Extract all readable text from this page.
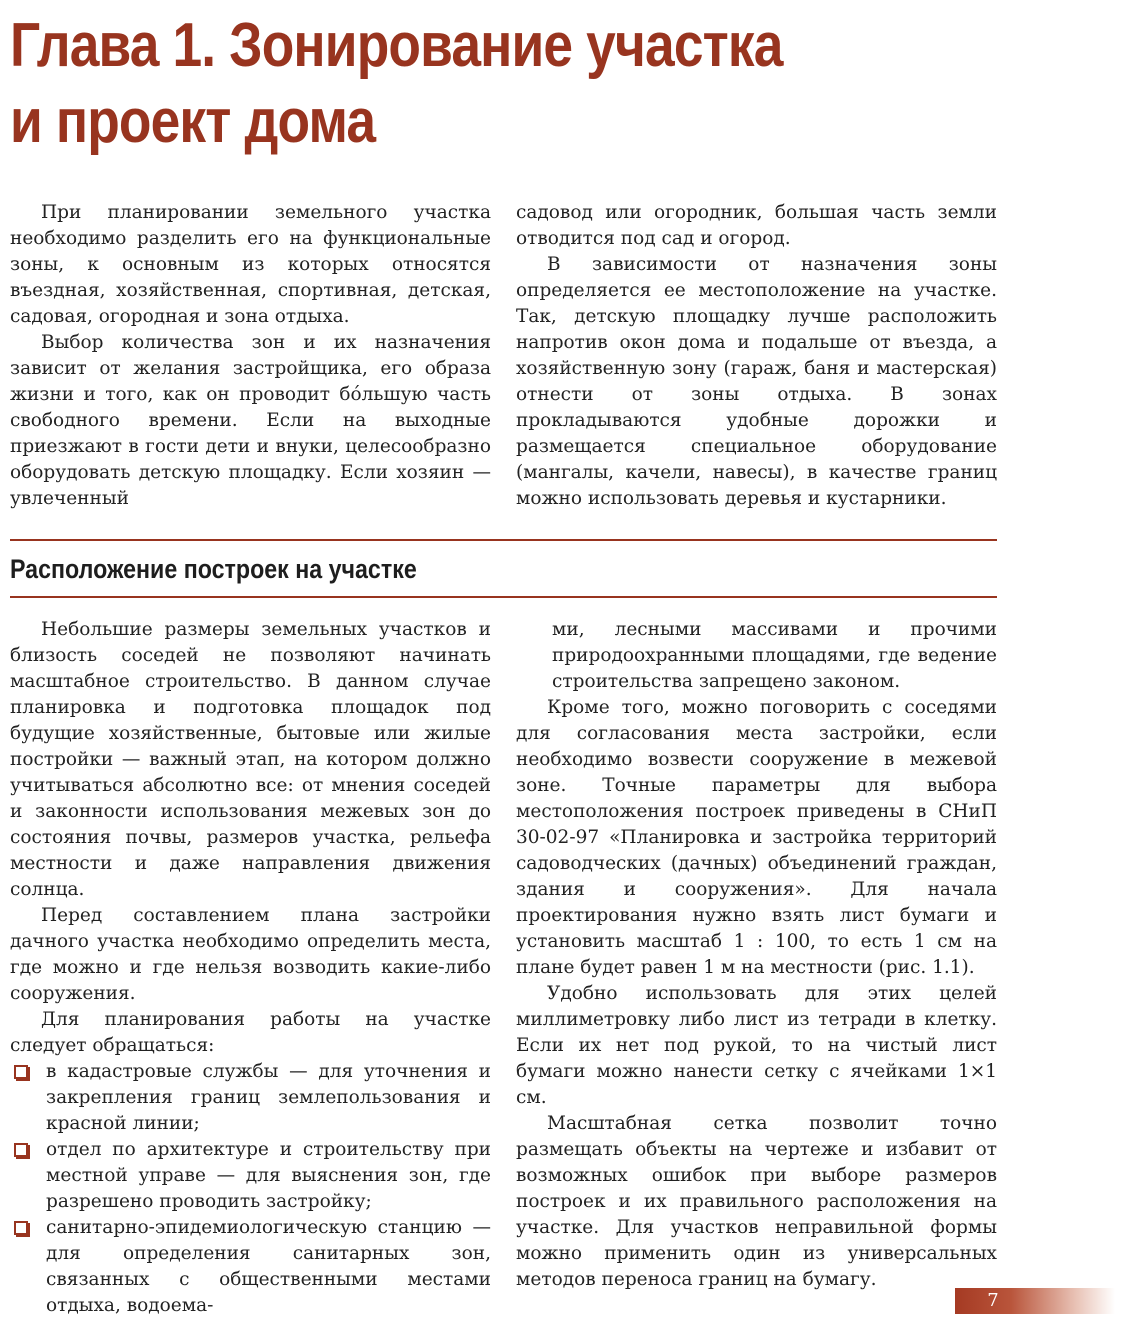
Глава 1. Зонирование участка
и проект дома

При планировании земельного участка необходимо разделить его на функциональные зоны, к основным из которых относятся въездная, хозяйственная, спортивная, детская, садовая, огородная и зона отдыха.

Выбор количества зон и их назначения зависит от желания застройщика, его образа жизни и того, как он проводит бóльшую часть свободного времени. Если на выходные приезжают в гости дети и внуки, целесообразно оборудовать детскую площадку. Если хозяин — увлеченный

садовод или огородник, большая часть земли отводится под сад и огород.

В зависимости от назначения зоны определяется ее местоположение на участке. Так, детскую площадку лучше расположить напротив окон дома и подальше от въезда, а хозяйственную зону (гараж, баня и мастерская) отнести от зоны отдыха. В зонах прокладываются удобные дорожки и размещается специальное оборудование (мангалы, качели, навесы), в качестве границ можно использовать деревья и кустарники.

Расположение построек на участке

Небольшие размеры земельных участков и близость соседей не позволяют начинать масштабное строительство. В данном случае планировка и подготовка площадок под будущие хозяйственные, бытовые или жилые постройки — важный этап, на котором должно учитываться абсолютно все: от мнения соседей и законности использования межевых зон до состояния почвы, размеров участка, рельефа местности и даже направления движения солнца.

Перед составлением плана застройки дачного участка необходимо определить места, где можно и где нельзя возводить какие-либо сооружения.

Для планирования работы на участке следует обращаться:

в кадастровые службы — для уточнения и закрепления границ землепользования и красной линии;
отдел по архитектуре и строительству при местной управе — для выяснения зон, где разрешено проводить застройку;
санитарно-эпидемиологическую станцию — для определения санитарных зон, связанных с общественными местами отдыха, водоема-

ми, лесными массивами и прочими природоохранными площадями, где ведение строительства запрещено законом.

Кроме того, можно поговорить с соседями для согласования места застройки, если необходимо возвести сооружение в межевой зоне. Точные параметры для выбора местоположения построек приведены в СНиП 30-02-97 «Планировка и застройка территорий садоводческих (дачных) объединений граждан, здания и сооружения». Для начала проектирования нужно взять лист бумаги и установить масштаб 1 : 100, то есть 1 см на плане будет равен 1 м на местности (рис. 1.1).

Удобно использовать для этих целей миллиметровку либо лист из тетради в клетку. Если их нет под рукой, то на чистый лист бумаги можно нанести сетку с ячейками 1×1 см.

Масштабная сетка позволит точно размещать объекты на чертеже и избавит от возможных ошибок при выборе размеров построек и их правильного расположения на участке. Для участков неправильной формы можно применить один из универсальных методов переноса границ на бумагу.

7
